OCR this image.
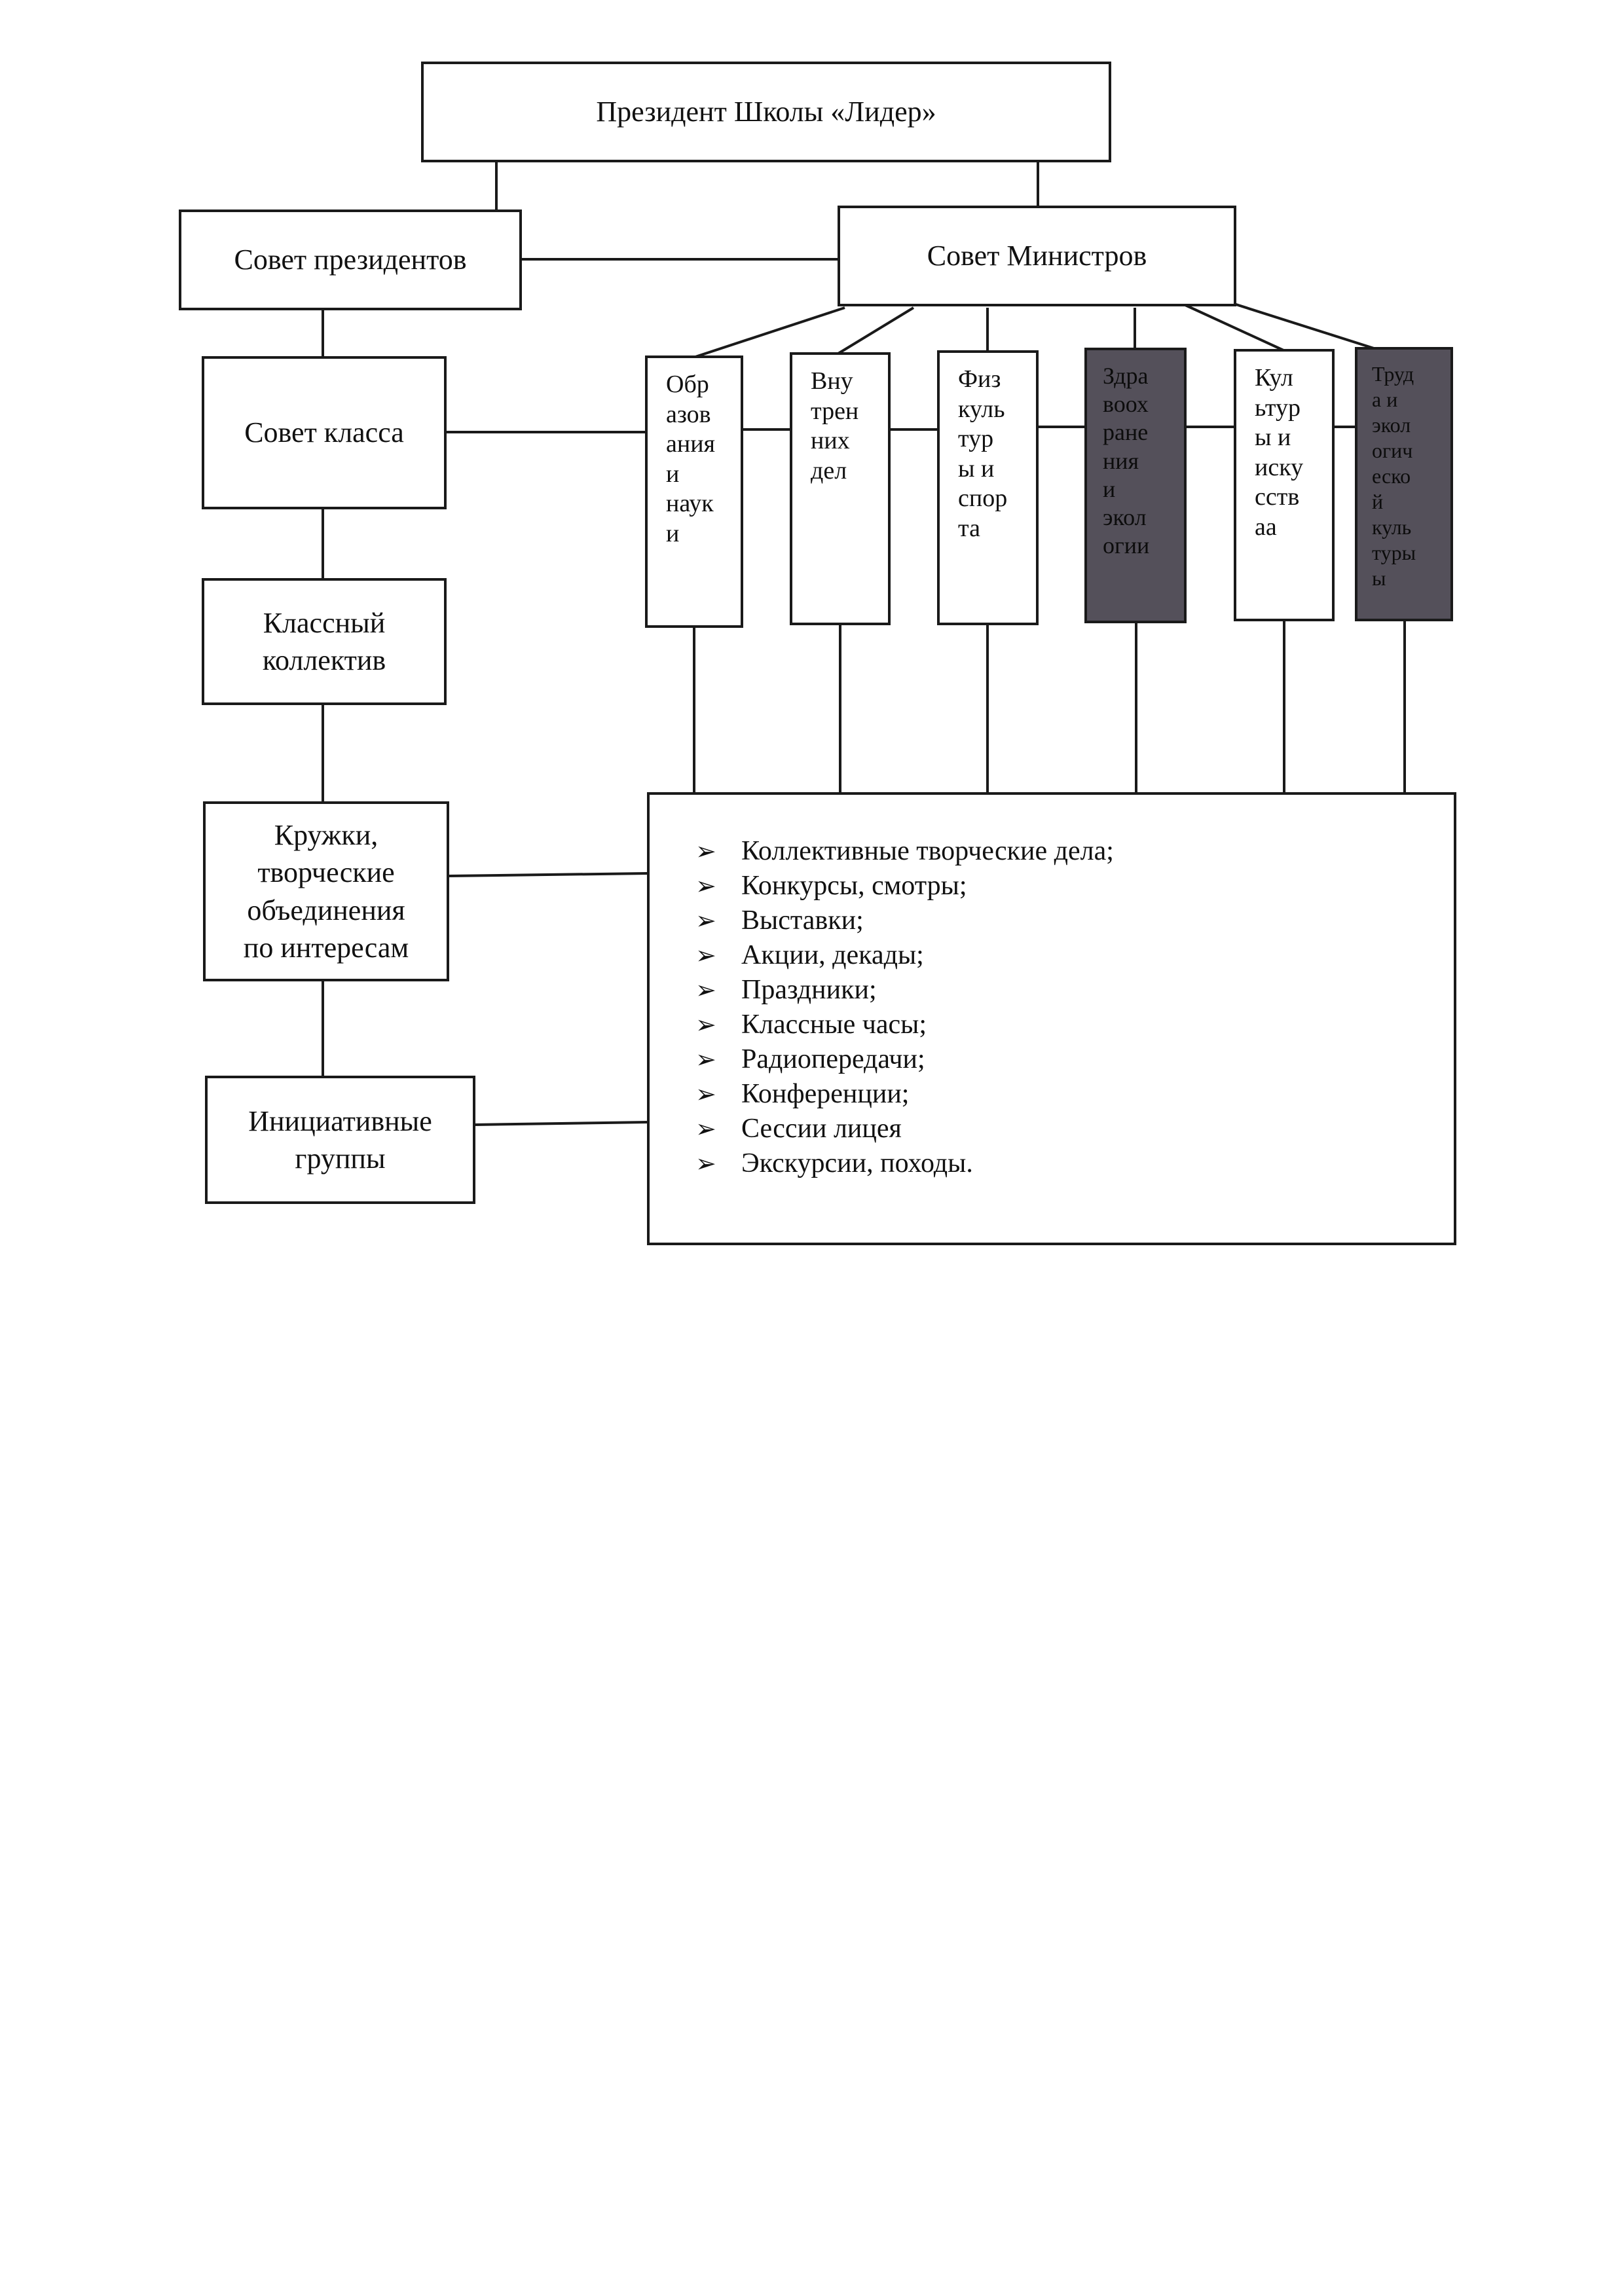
Президент Школы «Лидер»
Совет президентов	Совет Министров
Совет класса
Классный
коллектив
Кружки,
творческие
объединения
по интересам
Инициативные
группы
Обр
азов
ания
и
наук
и
Вну
трен
них
дел
Физ
куль
тур
ы и
спор
та
Здра
воох
ране
ния
и
экол
огии
Кул
ьтур
ы и
иску
сств
аа
Труд
а и
экол
огич
еско
й
куль
туры
ы
➢ Коллективные творческие дела;
➢ Конкурсы, смотры;
➢ Выставки;
➢ Акции, декады;
➢ Праздники;
➢ Классные часы;
➢ Радиопередачи;
➢ Конференции;
➢ Сессии лицея
➢ Экскурсии, походы.
